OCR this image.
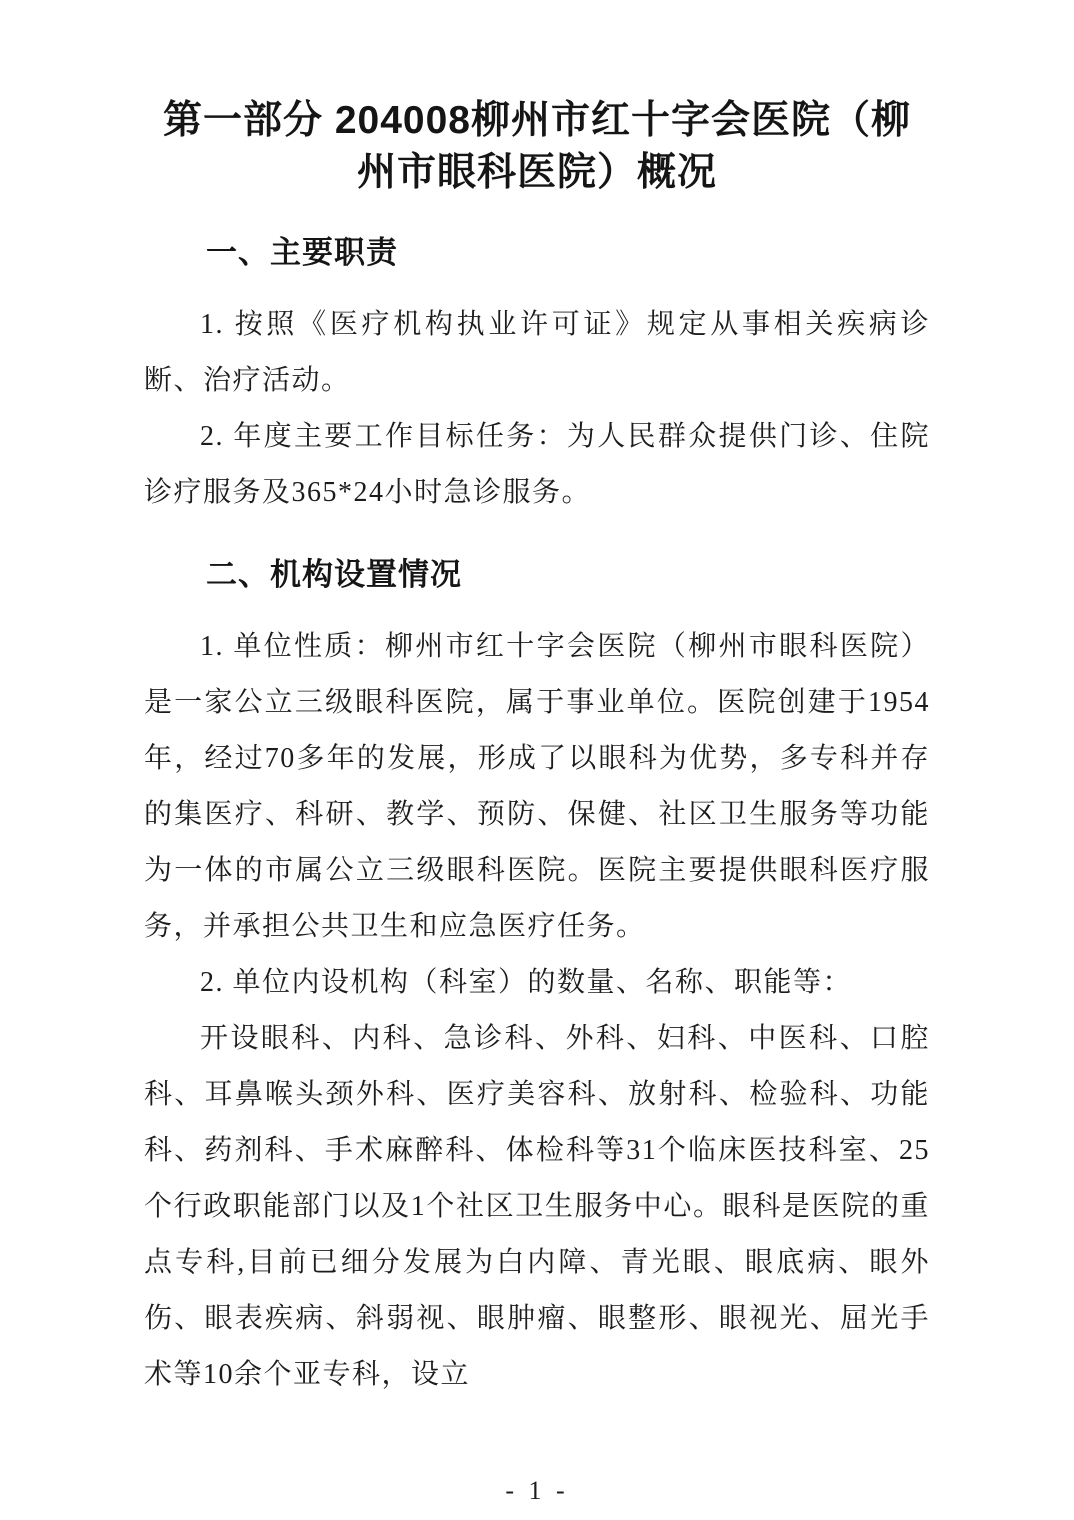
第一部分 204008柳州市红十字会医院（柳
州市眼科医院）概况
一、主要职责

1. 按照《医疗机构执业许可证》规定从事相关疾病诊断、治疗活动。

2. 年度主要工作目标任务：为人民群众提供门诊、住院诊疗服务及365*24小时急诊服务。

二、机构设置情况

1. 单位性质：柳州市红十字会医院（柳州市眼科医院）是一家公立三级眼科医院，属于事业单位。医院创建于1954年，经过70多年的发展，形成了以眼科为优势，多专科并存的集医疗、科研、教学、预防、保健、社区卫生服务等功能为一体的市属公立三级眼科医院。医院主要提供眼科医疗服务，并承担公共卫生和应急医疗任务。

2. 单位内设机构（科室）的数量、名称、职能等：

开设眼科、内科、急诊科、外科、妇科、中医科、口腔科、耳鼻喉头颈外科、医疗美容科、放射科、检验科、功能科、药剂科、手术麻醉科、体检科等31个临床医技科室、25个行政职能部门以及1个社区卫生服务中心。眼科是医院的重点专科,目前已细分发展为白内障、青光眼、眼底病、眼外伤、眼表疾病、斜弱视、眼肿瘤、眼整形、眼视光、屈光手术等10余个亚专科，设立

- 1 -
